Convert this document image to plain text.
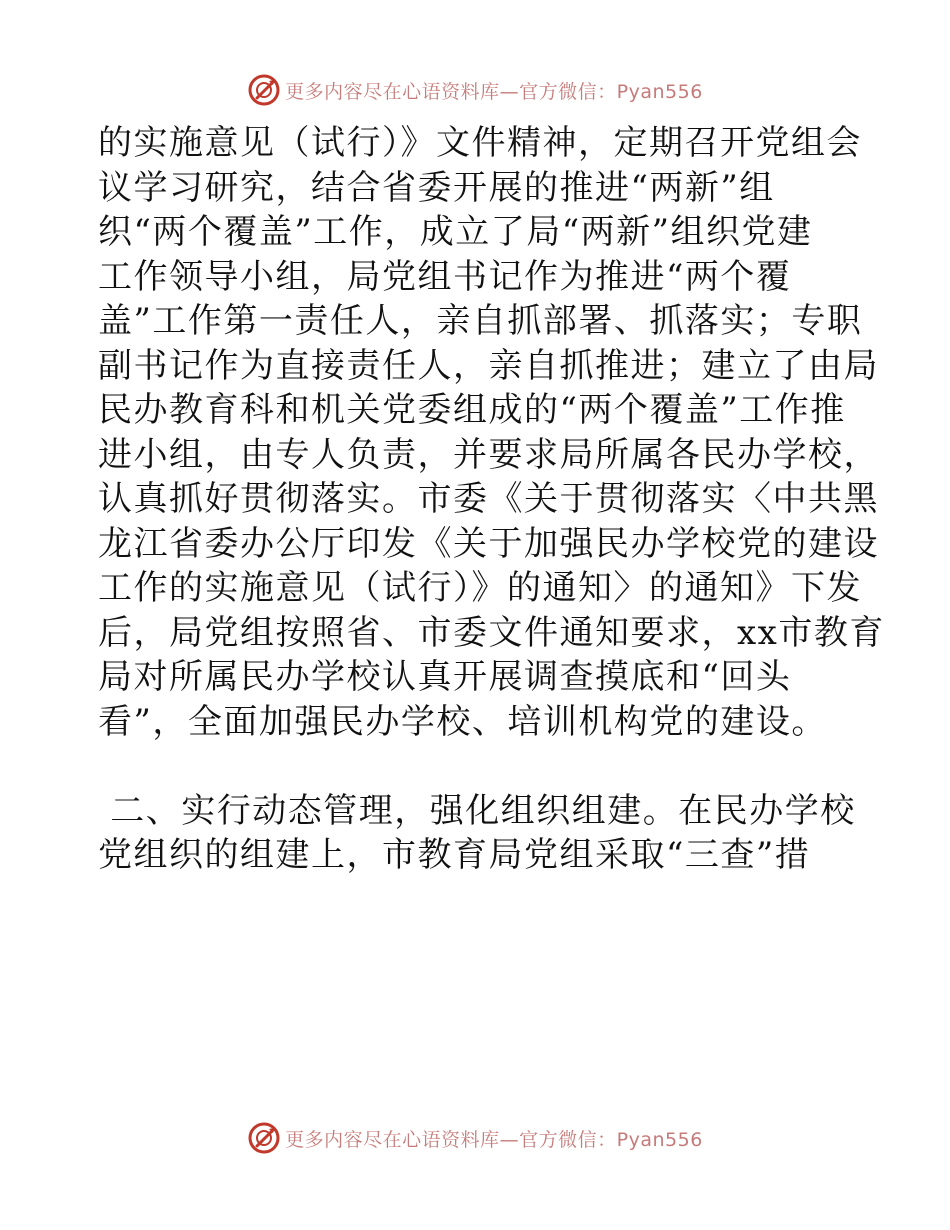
更多内容尽在心语资料库—官方微信：Pyan556
的实施意见（试行）》文件精神，定期召开党组会
议学习研究，结合省委开展的推进“两新”组
织“两个覆盖”工作，成立了局“两新”组织党建
工作领导小组，局党组书记作为推进“两个覆
盖”工作第一责任人，亲自抓部署、抓落实；专职
副书记作为直接责任人，亲自抓推进；建立了由局
民办教育科和机关党委组成的“两个覆盖”工作推
进小组，由专人负责，并要求局所属各民办学校，
认真抓好贯彻落实。市委《关于贯彻落实〈中共黑
龙江省委办公厅印发《关于加强民办学校党的建设
工作的实施意见（试行）》的通知〉的通知》下发
后，局党组按照省、市委文件通知要求，xx市教育
局对所属民办学校认真开展调查摸底和“回头
看”，全面加强民办学校、培训机构党的建设。
二、实行动态管理，强化组织组建。在民办学校
党组织的组建上，市教育局党组采取“三查”措
更多内容尽在心语资料库—官方微信：Pyan556
